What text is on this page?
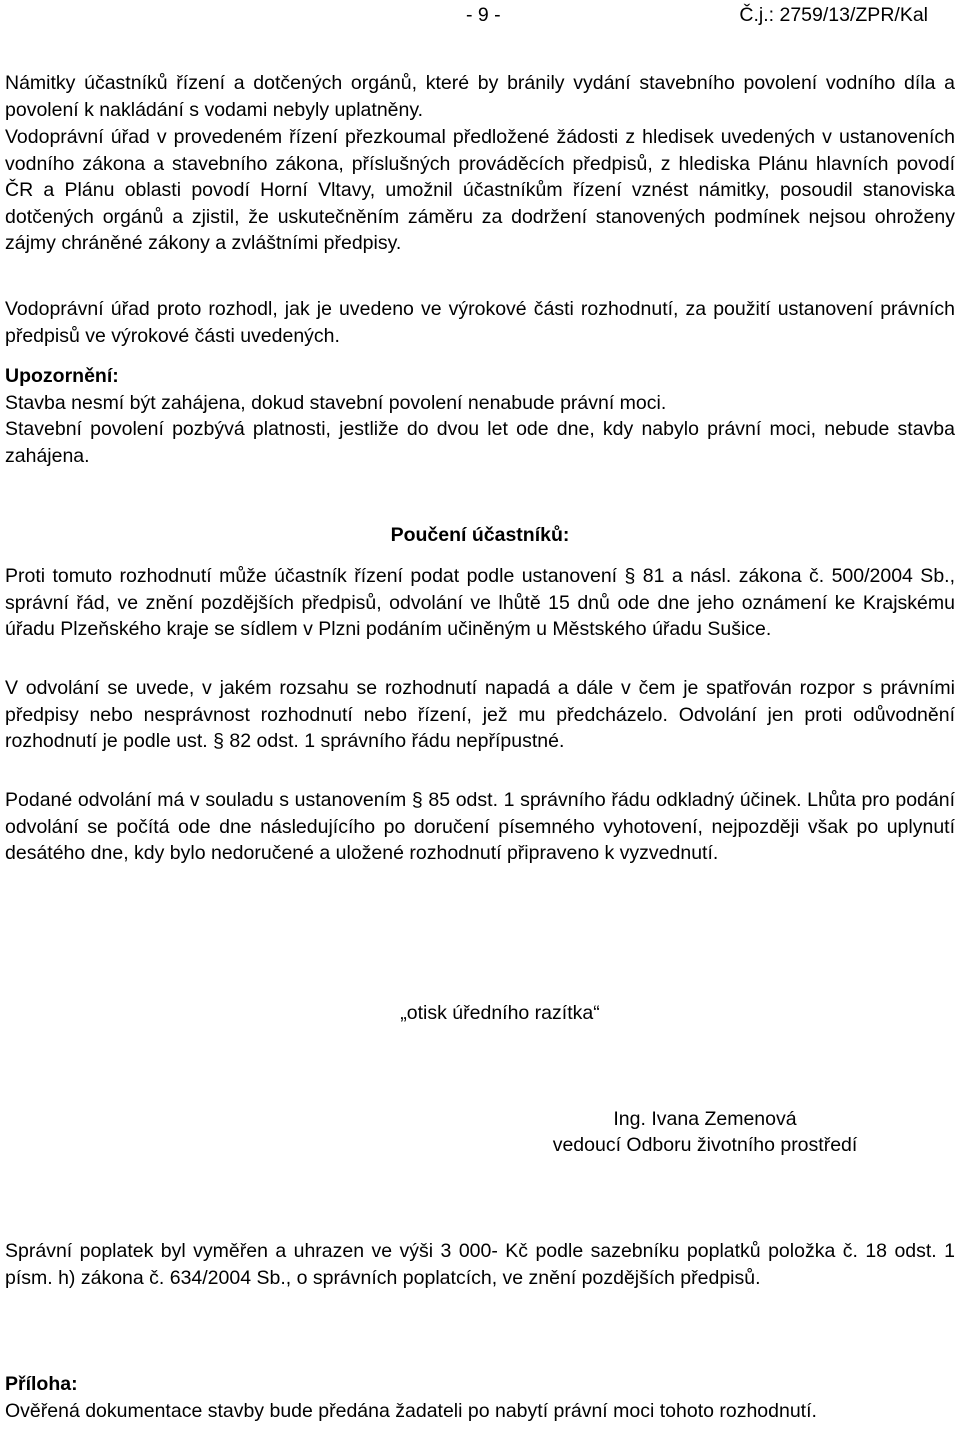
- 9 -	Č.j.: 2759/13/ZPR/Kal

Námitky účastníků řízení a dotčených orgánů, které by bránily vydání stavebního povolení vodního díla a povolení k nakládání s vodami nebyly uplatněny.

Vodoprávní úřad v provedeném řízení přezkoumal předložené žádosti z hledisek uvedených v ustanoveních vodního zákona a stavebního zákona, příslušných prováděcích předpisů, z hlediska Plánu hlavních povodí ČR a Plánu oblasti povodí Horní Vltavy, umožnil účastníkům řízení vznést námitky, posoudil stanoviska dotčených orgánů a zjistil, že uskutečněním záměru za dodržení stanovených podmínek nejsou ohroženy zájmy chráněné zákony a zvláštními předpisy.

Vodoprávní úřad proto rozhodl, jak je uvedeno ve výrokové části rozhodnutí, za použití ustanovení právních předpisů ve výrokové části uvedených.

Upozornění:
Stavba nesmí být zahájena, dokud stavební povolení nenabude právní moci.

Stavební povolení pozbývá platnosti, jestliže do dvou let ode dne, kdy nabylo právní moci, nebude stavba zahájena.

Poučení účastníků:

Proti tomuto rozhodnutí může účastník řízení podat podle ustanovení § 81 a násl. zákona č. 500/2004 Sb., správní řád, ve znění pozdějších předpisů, odvolání ve lhůtě 15 dnů ode dne jeho oznámení ke Krajskému úřadu Plzeňského kraje se sídlem v Plzni podáním učiněným u Městského úřadu Sušice.

V odvolání se uvede, v jakém rozsahu se rozhodnutí napadá a dále v čem je spatřován rozpor s právními předpisy nebo nesprávnost rozhodnutí nebo řízení, jež mu předcházelo. Odvolání jen proti odůvodnění rozhodnutí je podle ust. § 82 odst. 1 správního řádu nepřípustné.

Podané odvolání má v souladu s ustanovením § 85 odst. 1 správního řádu odkladný účinek. Lhůta pro podání odvolání se počítá ode dne následujícího po doručení písemného vyhotovení, nejpozději však po uplynutí desátého dne, kdy bylo nedoručené a uložené rozhodnutí připraveno k vyzvednutí.

„otisk úředního razítka“
Ing. Ivana Zemenová
vedoucí Odboru životního prostředí

Správní poplatek byl vyměřen a uhrazen ve výši 3 000- Kč podle sazebníku poplatků položka č. 18 odst. 1 písm. h) zákona č. 634/2004 Sb., o správních poplatcích, ve znění pozdějších předpisů.

Příloha:

Ověřená dokumentace stavby bude předána žadateli po nabytí právní moci tohoto rozhodnutí.
